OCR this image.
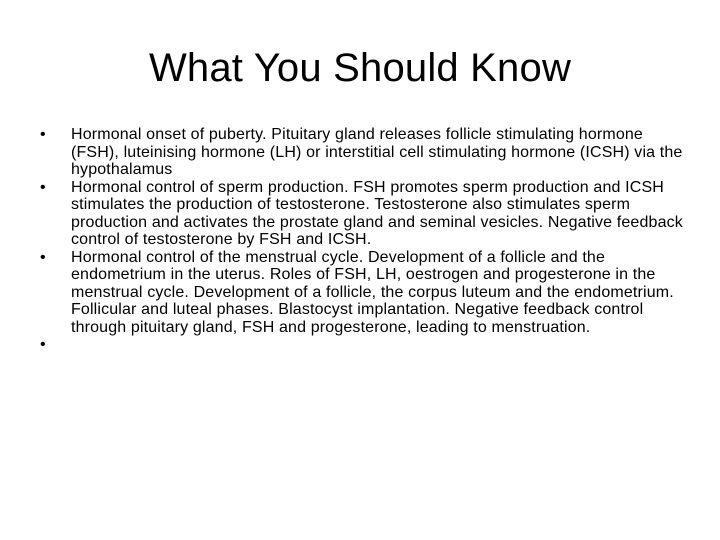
What You Should Know
•	Hormonal onset of puberty. Pituitary gland releases follicle stimulating hormone (FSH), luteinising hormone (LH) or interstitial cell stimulating hormone (ICSH) via the hypothalamus
•	Hormonal control of sperm production. FSH promotes sperm production and ICSH stimulates the production of testosterone. Testosterone also stimulates sperm production and activates the prostate gland and seminal vesicles. Negative feedback control of testosterone by FSH and ICSH.
•	Hormonal control of the menstrual cycle. Development of a follicle and the endometrium in the uterus. Roles of FSH, LH, oestrogen and progesterone in the menstrual cycle. Development of a follicle, the corpus luteum and the endometrium. Follicular and luteal phases. Blastocyst implantation. Negative feedback control through pituitary gland, FSH and progesterone, leading to menstruation.
•
